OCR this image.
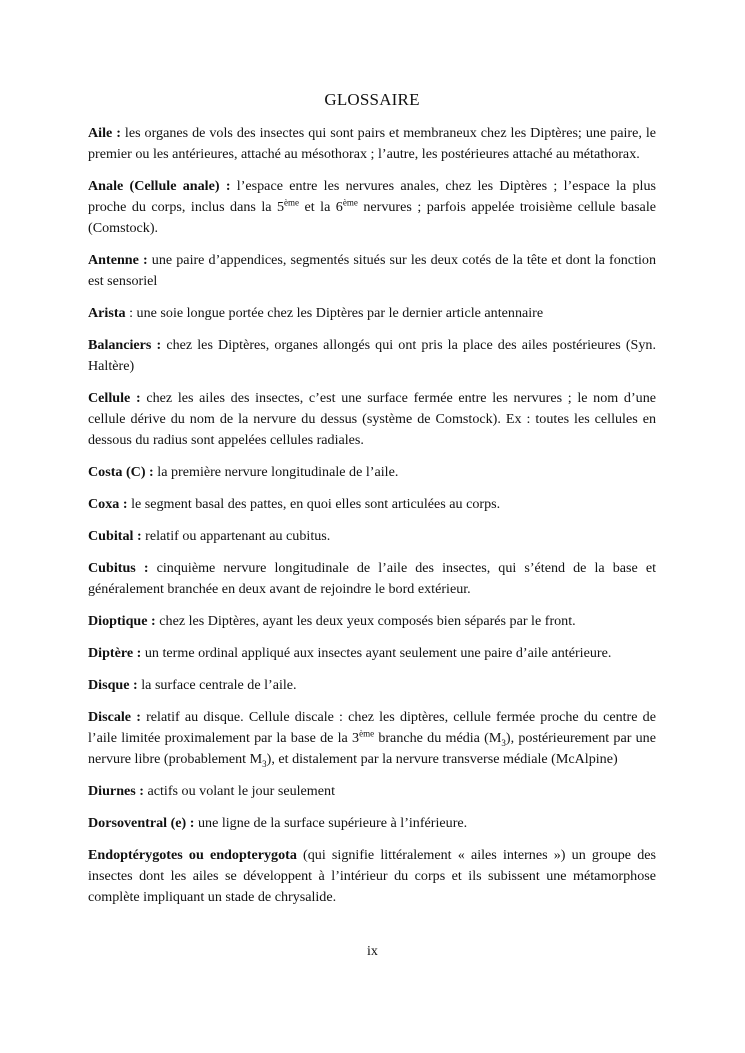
GLOSSAIRE

Aile : les organes de vols des insectes qui sont pairs et membraneux chez les Diptères; une paire, le premier ou les antérieures, attaché au mésothorax ; l’autre, les postérieures attaché au métathorax.

Anale (Cellule anale) : l’espace entre les nervures anales, chez les Diptères ; l’espace la plus proche du corps, inclus dans la 5ème et la 6ème nervures ; parfois appelée troisième cellule basale (Comstock).

Antenne : une paire d’appendices, segmentés situés sur les deux cotés de la tête et dont la fonction est sensoriel

Arista : une soie longue portée chez les Diptères par le dernier article antennaire

Balanciers : chez les Diptères, organes allongés qui ont pris la place des ailes postérieures (Syn. Haltère)

Cellule : chez les ailes des insectes, c’est une surface fermée entre les nervures ; le nom d’une cellule dérive du nom de la nervure du dessus (système de Comstock). Ex : toutes les cellules en dessous du radius sont appelées cellules radiales.

Costa (C) : la première nervure longitudinale de l’aile.

Coxa : le segment basal des pattes, en quoi elles sont articulées au corps.

Cubital : relatif ou appartenant au cubitus.

Cubitus : cinquième nervure longitudinale de l’aile des insectes, qui s’étend de la base et généralement branchée en deux avant de rejoindre le bord extérieur.

Dioptique : chez les Diptères, ayant les deux yeux composés bien séparés par le front.

Diptère : un terme ordinal appliqué aux insectes ayant seulement une paire d’aile antérieure.

Disque : la surface centrale de l’aile.

Discale : relatif au disque. Cellule discale : chez les diptères, cellule fermée proche du centre de l’aile limitée proximalement par la base de la 3ème branche du média $(M_3)$, postérieurement par une nervure libre (probablement $M_3$), et distalement par la nervure transverse médiale (McAlpine)

Diurnes : actifs ou volant le jour seulement

Dorsoventral (e) : une ligne de la surface supérieure à l’inférieure.

Endoptérygotes ou endopterygota (qui signifie littéralement « ailes internes ») un groupe des insectes dont les ailes se développent à l’intérieur du corps et ils subissent une métamorphose complète impliquant un stade de chrysalide.

ix
